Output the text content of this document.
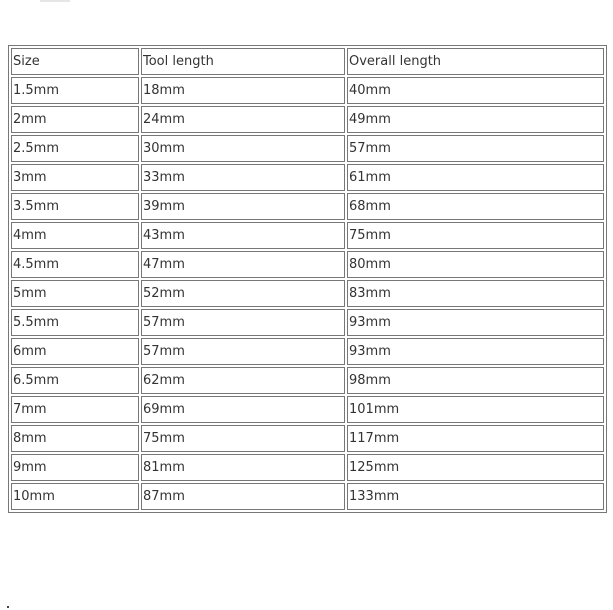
Size	Tool length	Overall length
1.5mm	18mm	40mm
2mm	24mm	49mm
2.5mm	30mm	57mm
3mm	33mm	61mm
3.5mm	39mm	68mm
4mm	43mm	75mm
4.5mm	47mm	80mm
5mm	52mm	83mm
5.5mm	57mm	93mm
6mm	57mm	93mm
6.5mm	62mm	98mm
7mm	69mm	101mm
8mm	75mm	117mm
9mm	81mm	125mm
10mm	87mm	133mm
